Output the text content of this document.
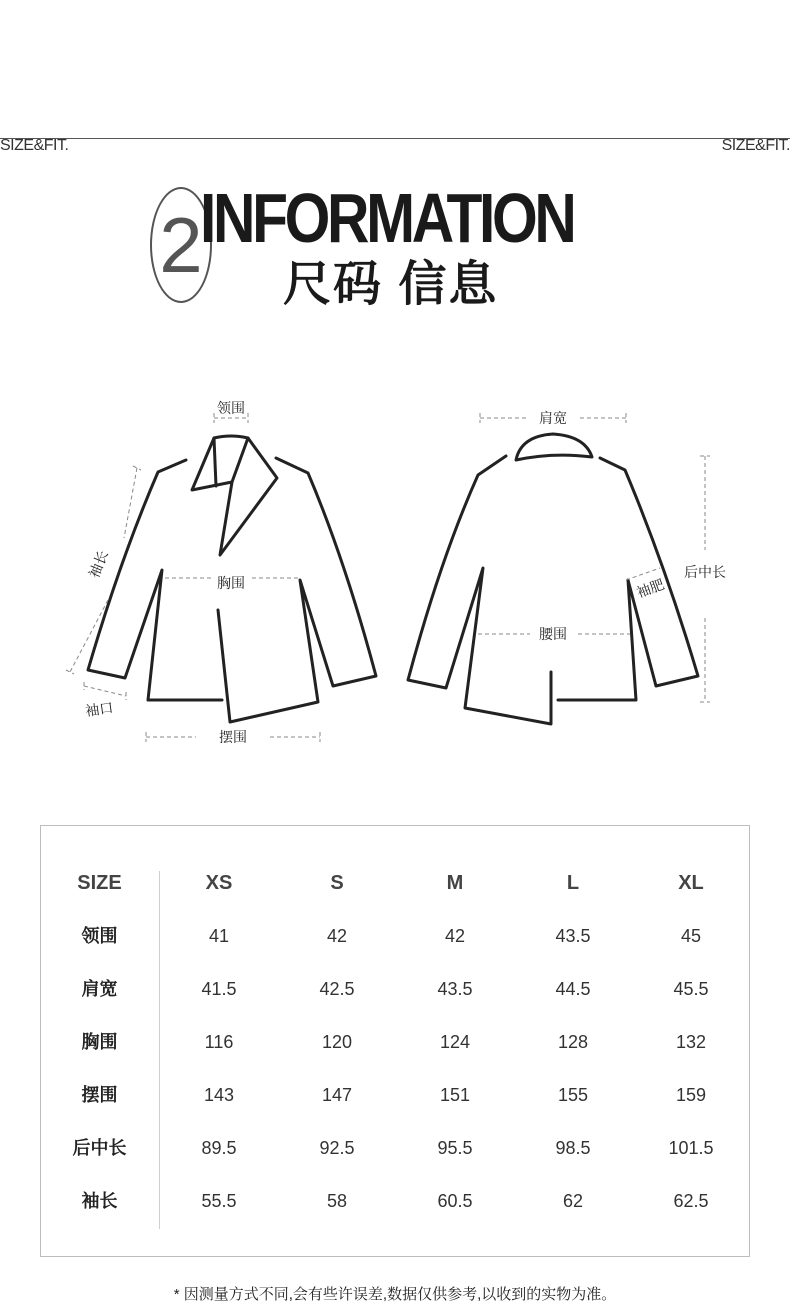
SIZE&FIT.	SIZE&FIT.
2
INFORMATION
尺码 信息
领围
肩宽
袖长
胸围
袖口
摆围
腰围
后中长
袖肥
SIZE	XS	S	M	L	XL
领围	41	42	42	43.5	45
肩宽	41.5	42.5	43.5	44.5	45.5
胸围	116	120	124	128	132
摆围	143	147	151	155	159
后中长	89.5	92.5	95.5	98.5	101.5
袖长	55.5	58	60.5	62	62.5
* 因测量方式不同,会有些许误差,数据仅供参考,以收到的实物为准。
